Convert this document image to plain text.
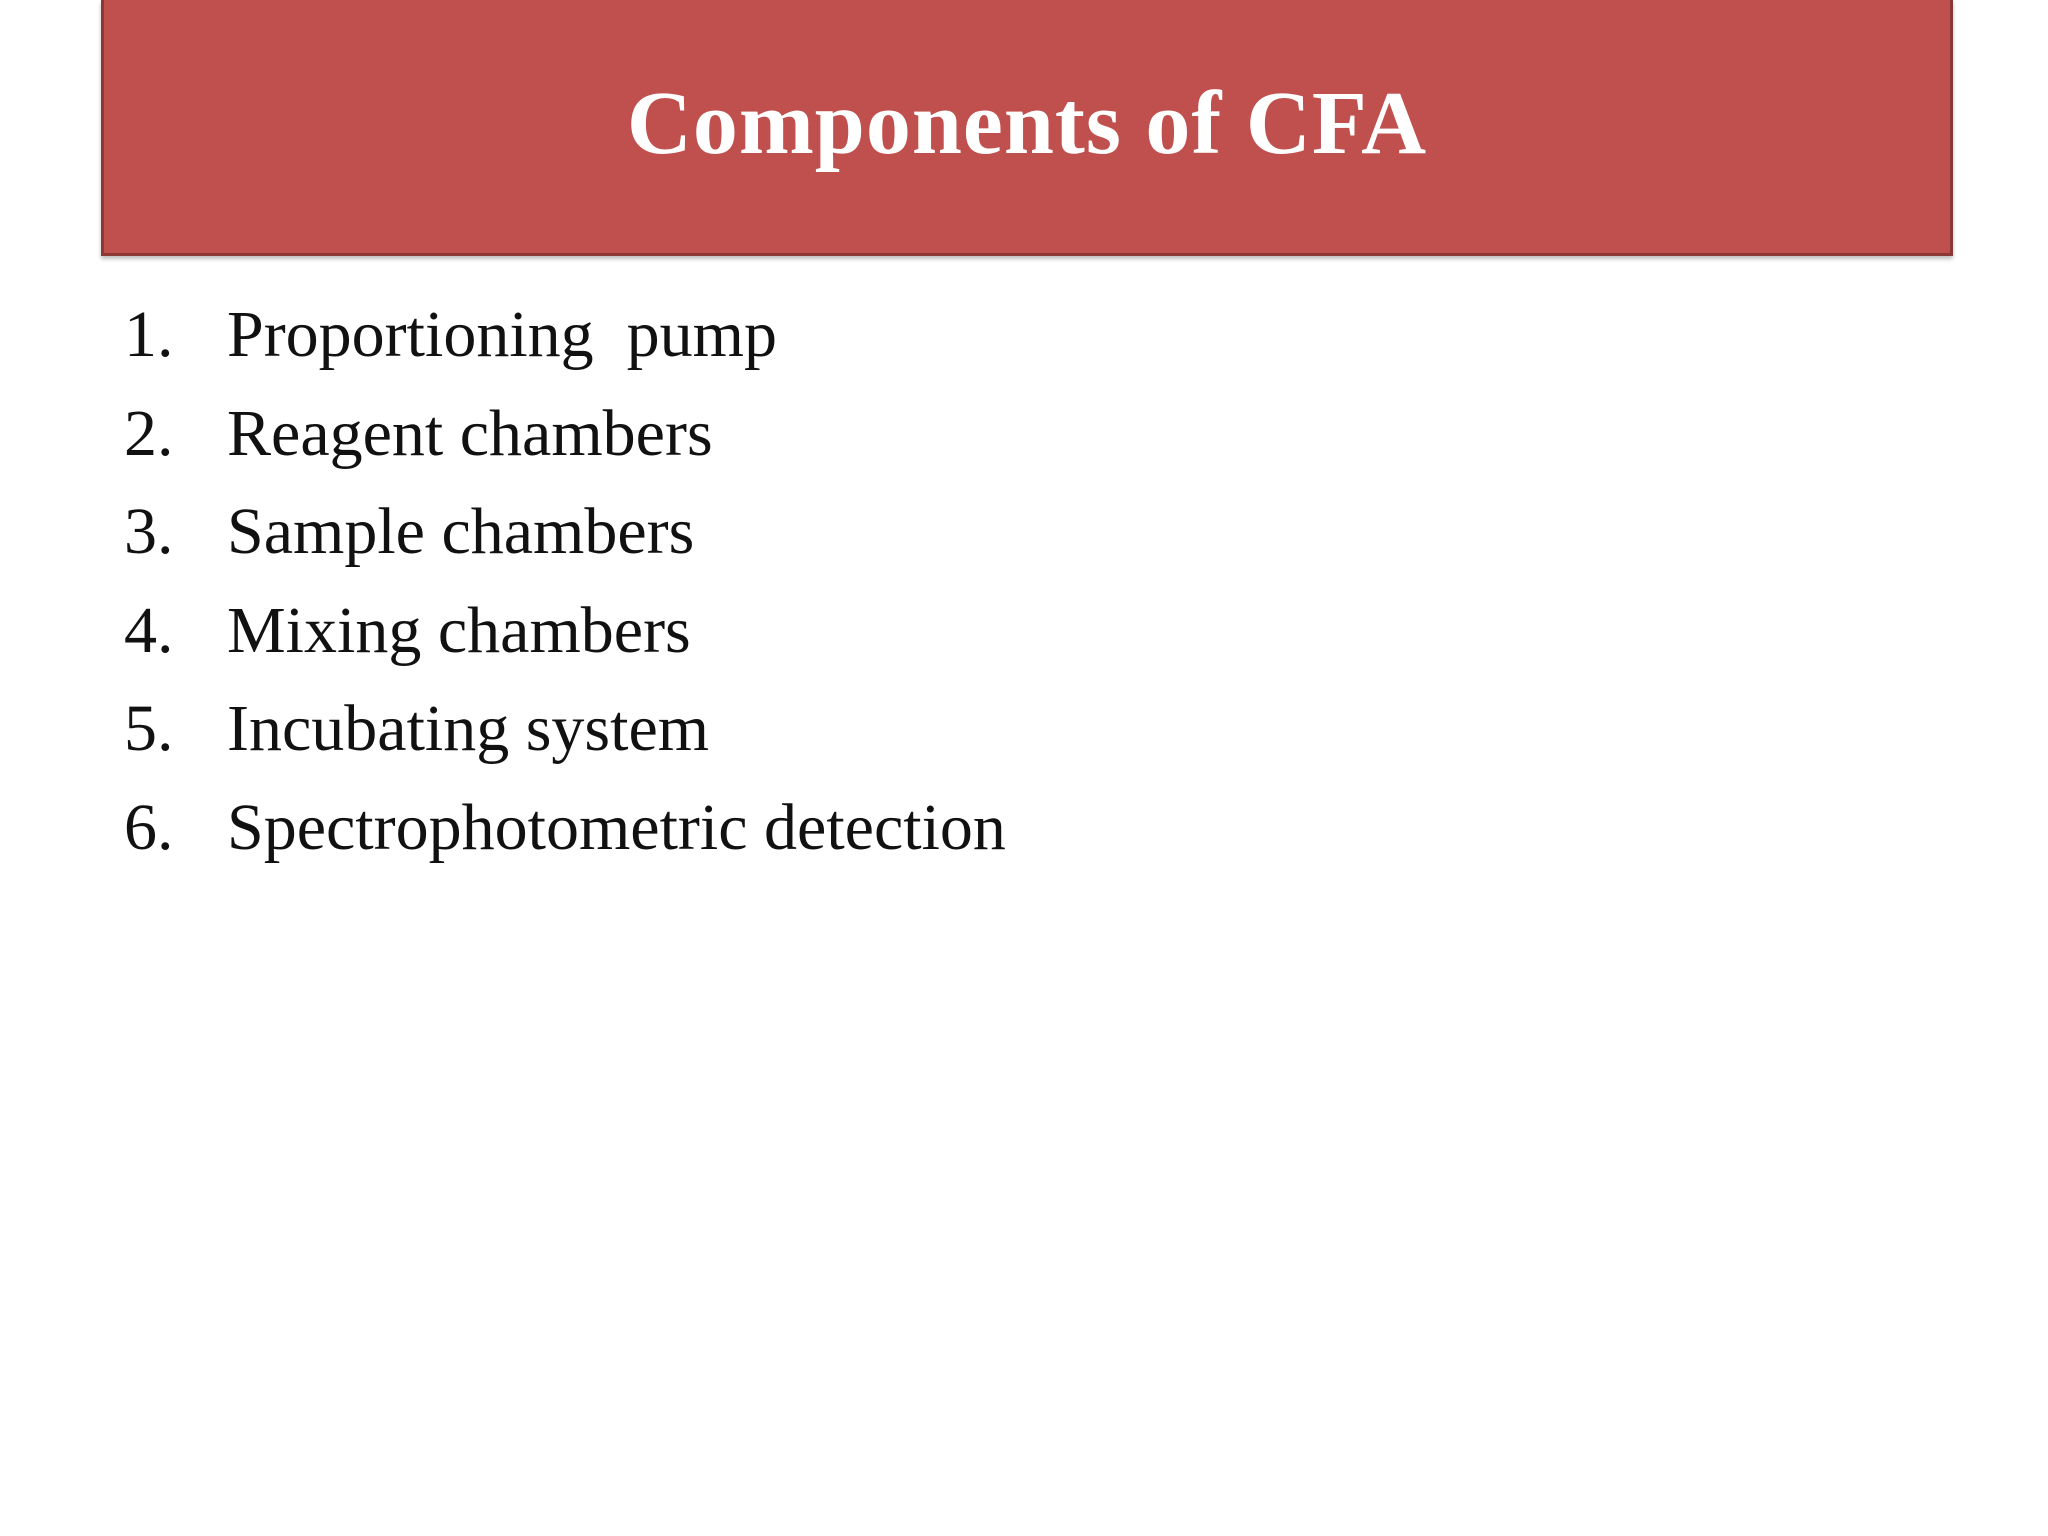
Components of CFA
1. Proportioning  pump
2. Reagent chambers
3. Sample chambers
4. Mixing chambers
5. Incubating system
6. Spectrophotometric detection
